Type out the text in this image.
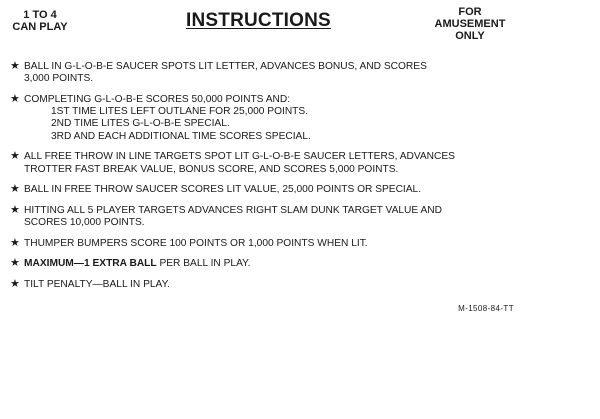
1 TO 4
CAN PLAY	INSTRUCTIONS	FOR
AMUSEMENT
ONLY
★ BALL IN G-L-O-B-E SAUCER SPOTS LIT LETTER, ADVANCES BONUS, AND SCORES
3,000 POINTS.
★ COMPLETING G-L-O-B-E SCORES 50,000 POINTS AND:
1ST TIME LITES LEFT OUTLANE FOR 25,000 POINTS.
2ND TIME LITES G-L-O-B-E SPECIAL.
3RD AND EACH ADDITIONAL TIME SCORES SPECIAL.
★ ALL FREE THROW IN LINE TARGETS SPOT LIT G-L-O-B-E SAUCER LETTERS, ADVANCES
TROTTER FAST BREAK VALUE, BONUS SCORE, AND SCORES 5,000 POINTS.
★ BALL IN FREE THROW SAUCER SCORES LIT VALUE, 25,000 POINTS OR SPECIAL.
★ HITTING ALL 5 PLAYER TARGETS ADVANCES RIGHT SLAM DUNK TARGET VALUE AND
SCORES 10,000 POINTS.
★ THUMPER BUMPERS SCORE 100 POINTS OR 1,000 POINTS WHEN LIT.
★ MAXIMUM—1 EXTRA BALL PER BALL IN PLAY.
★ TILT PENALTY—BALL IN PLAY.
M-1508-84-TT
